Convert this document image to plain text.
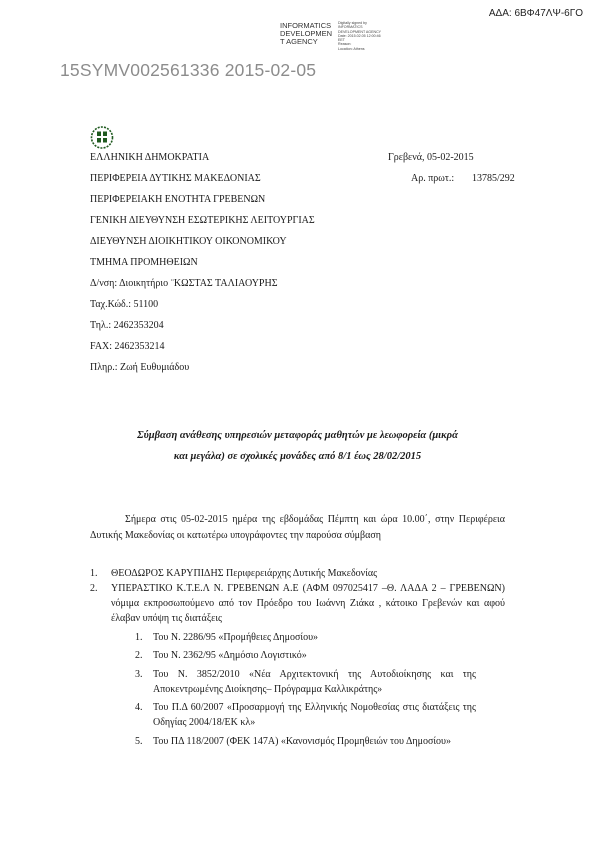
ΑΔΑ: 6ΒΦ47ΛΨ-6ΓΟ
INFORMATICS
DEVELOPMEN
T AGENCY
Digitally signed by
INFORMATICS
DEVELOPMENT AGENCY
Date: 2015.02.05 12:00:46
EET
Reason:
Location: Athens
15SYMV002561336 2015-02-05
ΕΛΛΗΝΙΚΗ ΔΗΜΟΚΡΑΤΙΑ
ΠΕΡΙΦΕΡΕΙΑ ΔΥΤΙΚΗΣ ΜΑΚΕΔΟΝΙΑΣ
ΠΕΡΙΦΕΡΕΙΑΚΗ ΕΝΟΤΗΤΑ ΓΡΕΒΕΝΩΝ
ΓΕΝΙΚΗ ΔΙΕΥΘΥΝΣΗ ΕΣΩΤΕΡΙΚΗΣ ΛΕΙΤΟΥΡΓΙΑΣ
ΔΙΕΥΘΥΝΣΗ ΔΙΟΙΚΗΤΙΚΟΥ ΟΙΚΟΝΟΜΙΚΟΥ
ΤΜΗΜΑ ΠΡΟΜΗΘΕΙΩΝ
Δ/νση: Διοικητήριο ¨ΚΩΣΤΑΣ ΤΑΛΙΑΟΥΡΗΣ
Ταχ.Κώδ.: 51100
Τηλ.: 2462353204
FAX: 2462353214
Πληρ.: Ζωή Ευθυμιάδου
Γρεβενά, 05-02-2015
Αρ. πρωτ.: 13785/292
Σύμβαση ανάθεσης υπηρεσιών μεταφοράς μαθητών με λεωφορεία (μικρά
και μεγάλα) σε σχολικές μονάδες από 8/1 έως 28/02/2015
Σήμερα στις 05-02-2015 ημέρα της εβδομάδας Πέμπτη και ώρα 10.00΄, στην Περιφέρεια Δυτικής Μακεδονίας οι κατωτέρω υπογράφοντες την παρούσα σύμβαση
1. ΘΕΟΔΩΡΟΣ ΚΑΡΥΠΙΔΗΣ Περιφερειάρχης Δυτικής Μακεδονίας
2. ΥΠΕΡΑΣΤΙΚΟ Κ.Τ.Ε.Λ Ν. ΓΡΕΒΕΝΩΝ Α.Ε (ΑΦΜ 097025417 –Θ. ΛΑΔΑ 2 – ΓΡΕΒΕΝΩΝ) νόμιμα εκπροσωπούμενο από τον Πρόεδρο του Ιωάννη Ζιάκα , κάτοικο Γρεβενών και αφού έλαβαν υπόψη τις διατάξεις
1. Του Ν. 2286/95 «Προμήθειες Δημοσίου»
2. Του Ν. 2362/95 «Δημόσιο Λογιστικό»
3. Του Ν. 3852/2010 «Νέα Αρχιτεκτονική της Αυτοδιοίκησης και της Αποκεντρωμένης Διοίκησης– Πρόγραμμα Καλλικράτης»
4. Του Π.Δ 60/2007 «Προσαρμογή της Ελληνικής Νομοθεσίας στις διατάξεις της Οδηγίας 2004/18/ΕΚ κλ»
5. Του ΠΔ 118/2007 (ΦΕΚ 147Α) «Κανονισμός Προμηθειών του Δημοσίου»
